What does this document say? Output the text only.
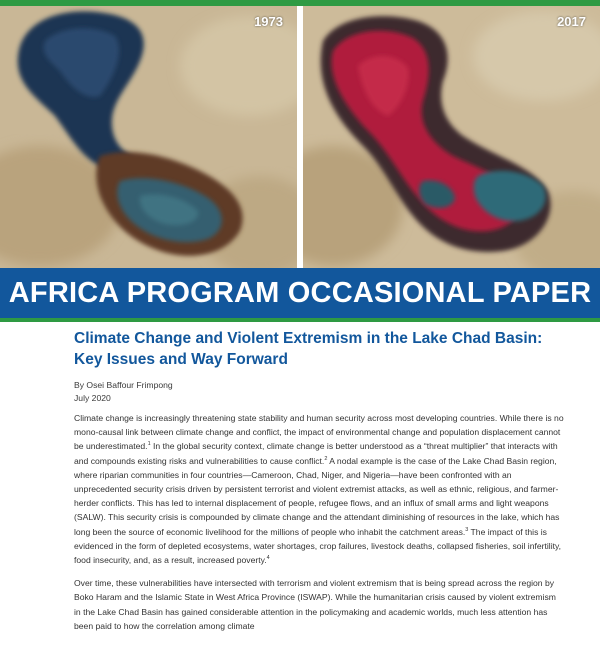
1973	2017
AFRICA PROGRAM OCCASIONAL PAPER
Climate Change and Violent Extremism in the Lake Chad Basin:
Key Issues and Way Forward
By Osei Baffour Frimpong
July 2020

Climate change is increasingly threatening state stability and human security across most developing countries. While there is no mono-causal link between climate change and conflict, the impact of environmental change and population displacement cannot be underestimated.$^1$ In the global security context, climate change is better understood as a “threat multiplier” that interacts with and compounds existing risks and vulnerabilities to cause conflict.$^2$ A nodal example is the case of the Lake Chad Basin region, where riparian communities in four countries—Cameroon, Chad, Niger, and Nigeria—have been confronted with an unprecedented security crisis driven by persistent terrorist and violent extremist attacks, as well as ethnic, religious, and farmer-herder conflicts. This has led to internal displacement of people, refugee flows, and an influx of small arms and light weapons (SALW). This security crisis is compounded by climate change and the attendant diminishing of resources in the lake, which has long been the source of economic livelihood for the millions of people who inhabit the catchment areas.$^3$ The impact of this is evidenced in the form of depleted ecosystems, water shortages, crop failures, livestock deaths, collapsed fisheries, soil infertility, food insecurity, and, as a result, increased poverty.$^4$

Over time, these vulnerabilities have intersected with terrorism and violent extremism that is being spread across the region by Boko Haram and the Islamic State in West Africa Province (ISWAP). While the humanitarian crisis caused by violent extremism in the Lake Chad Basin has gained considerable attention in the policymaking and academic worlds, much less attention has been paid to how the correlation among climate
